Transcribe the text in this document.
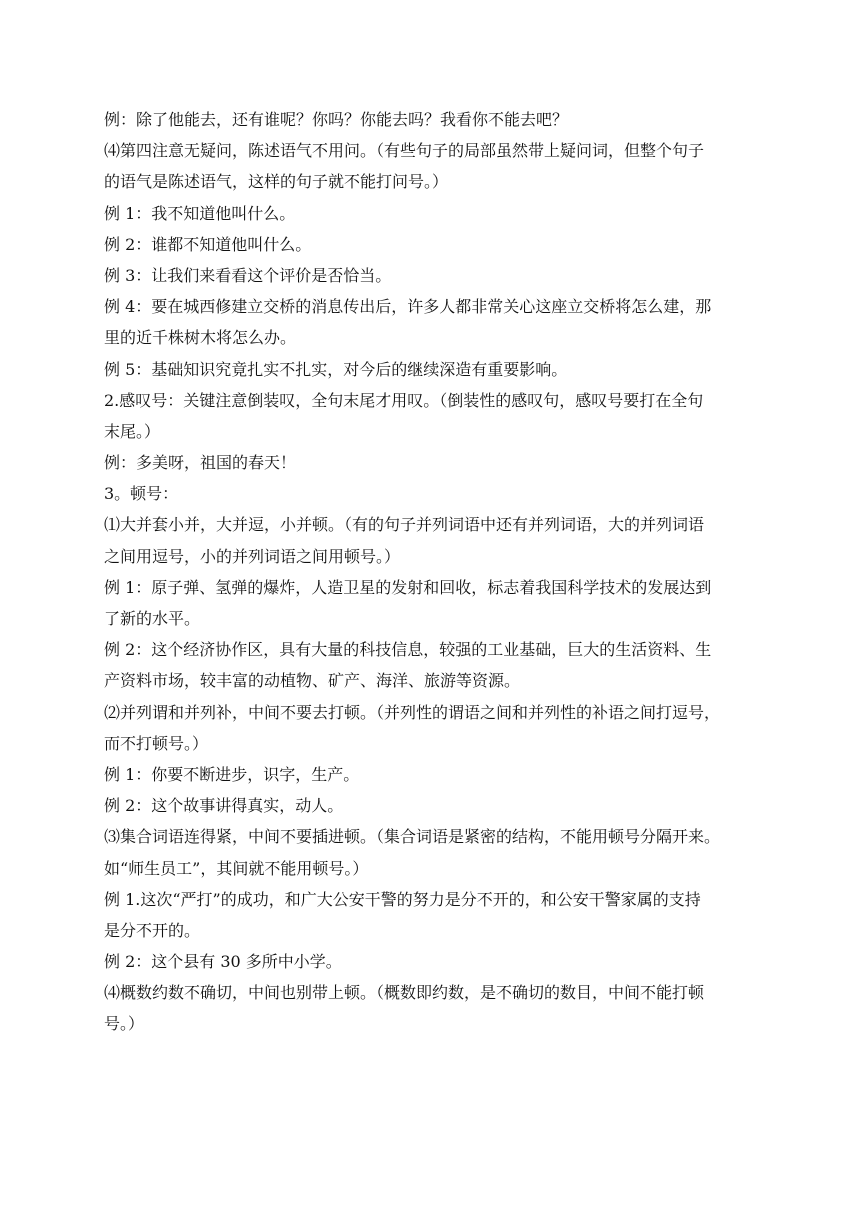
例：除了他能去，还有谁呢？你吗？你能去吗？我看你不能去吧？
⑷第四注意无疑问，陈述语气不用问。（有些句子的局部虽然带上疑问词，但整个句子
的语气是陈述语气，这样的句子就不能打问号。）
例 1：我不知道他叫什么。
例 2：谁都不知道他叫什么。
例 3：让我们来看看这个评价是否恰当。
例 4：要在城西修建立交桥的消息传出后，许多人都非常关心这座立交桥将怎么建，那
里的近千株树木将怎么办。
例 5：基础知识究竟扎实不扎实，对今后的继续深造有重要影响。
2.感叹号：关键注意倒装叹，全句末尾才用叹。（倒装性的感叹句，感叹号要打在全句
末尾。）
例：多美呀，祖国的春天！
3。顿号：
⑴大并套小并，大并逗，小并顿。（有的句子并列词语中还有并列词语，大的并列词语
之间用逗号，小的并列词语之间用顿号。）
例 1：原子弹、氢弹的爆炸，人造卫星的发射和回收，标志着我国科学技术的发展达到
了新的水平。
例 2：这个经济协作区，具有大量的科技信息，较强的工业基础，巨大的生活资料、生
产资料市场，较丰富的动植物、矿产、海洋、旅游等资源。
⑵并列谓和并列补，中间不要去打顿。（并列性的谓语之间和并列性的补语之间打逗号，
而不打顿号。）
例 1：你要不断进步，识字，生产。
例 2：这个故事讲得真实，动人。
⑶集合词语连得紧，中间不要插进顿。（集合词语是紧密的结构，不能用顿号分隔开来。
如“师生员工”，其间就不能用顿号。）
例 1.这次“严打”的成功，和广大公安干警的努力是分不开的，和公安干警家属的支持
是分不开的。
例 2：这个县有 30 多所中小学。
⑷概数约数不确切，中间也别带上顿。（概数即约数，是不确切的数目，中间不能打顿
号。）
